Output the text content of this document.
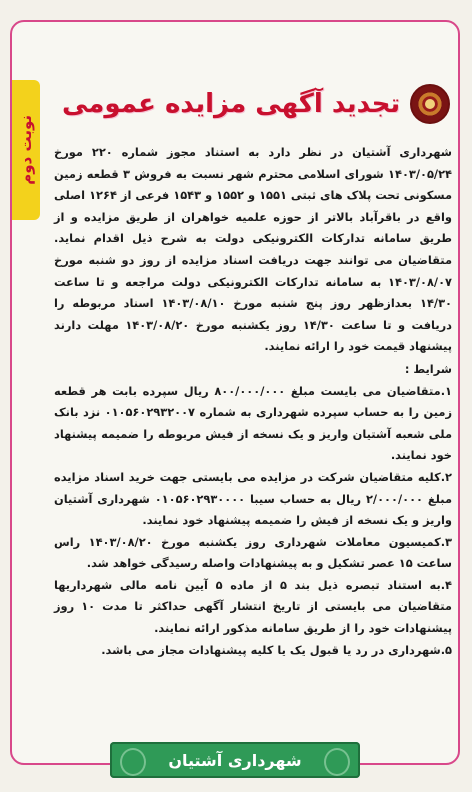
نوبت دوم
تجدید آگهی مزایده عمومی

شهرداری آشتیان در نظر دارد به استناد مجوز شماره ۲۲۰ مورخ ۱۴۰۳/۰۵/۲۴ شورای اسلامی محترم شهر نسبت به فروش ۳ قطعه زمین مسکونی تحت پلاک های ثبتی ۱۵۵۱ و ۱۵۵۲ و ۱۵۴۳ فرعی از ۱۲۶۴ اصلی واقع در باقرآباد بالاتر از حوزه علمیه خواهران از طریق مزایده و از طریق سامانه تدارکات الکترونیکی دولت به شرح ذیل اقدام نماید. متقاضیان می توانند جهت دریافت اسناد مزایده از روز دو شنبه مورخ ۱۴۰۳/۰۸/۰۷ به سامانه تدارکات الکترونیکی دولت مراجعه و تا ساعت ۱۴/۳۰ بعدازظهر روز پنج شنبه مورخ ۱۴۰۳/۰۸/۱۰ اسناد مربوطه را دریافت و تا ساعت ۱۴/۳۰ روز یکشنبه مورخ ۱۴۰۳/۰۸/۲۰ مهلت دارند پیشنهاد قیمت خود را ارائه نمایند.

شرایط :

۱.متقاضیان می بایست مبلغ ۸۰۰/۰۰۰/۰۰۰ ریال سپرده بابت هر قطعه زمین را به حساب سپرده شهرداری به شماره ۰۱۰۵۶۰۲۹۳۲۰۰۷ نزد بانک ملی شعبه آشتیان واریز و یک نسخه از فیش مربوطه را ضمیمه پیشنهاد خود نمایند.

۲.کلیه متقاضیان شرکت در مزایده می بایستی جهت خرید اسناد مزایده مبلغ ۲/۰۰۰/۰۰۰ ریال به حساب سیبا ۰۱۰۵۶۰۲۹۳۰۰۰۰ شهرداری آشتیان واریز و یک نسخه از فیش را ضمیمه پیشنهاد خود نمایند.

۳.کمیسیون معاملات شهرداری روز یکشنبه مورخ ۱۴۰۳/۰۸/۲۰ راس ساعت ۱۵ عصر تشکیل و به پیشنهادات واصله رسیدگی خواهد شد.

۴.به استناد تبصره ذیل بند ۵ از ماده ۵ آیین نامه مالی شهرداریها متقاضیان می بایستی از تاریخ انتشار آگهی حداکثر تا مدت ۱۰ روز پیشنهادات خود را از طریق سامانه مذکور ارائه نمایند.

۵.شهرداری در رد یا قبول یک یا کلیه پیشنهادات مجاز می باشد.

شهرداری آشتیان
